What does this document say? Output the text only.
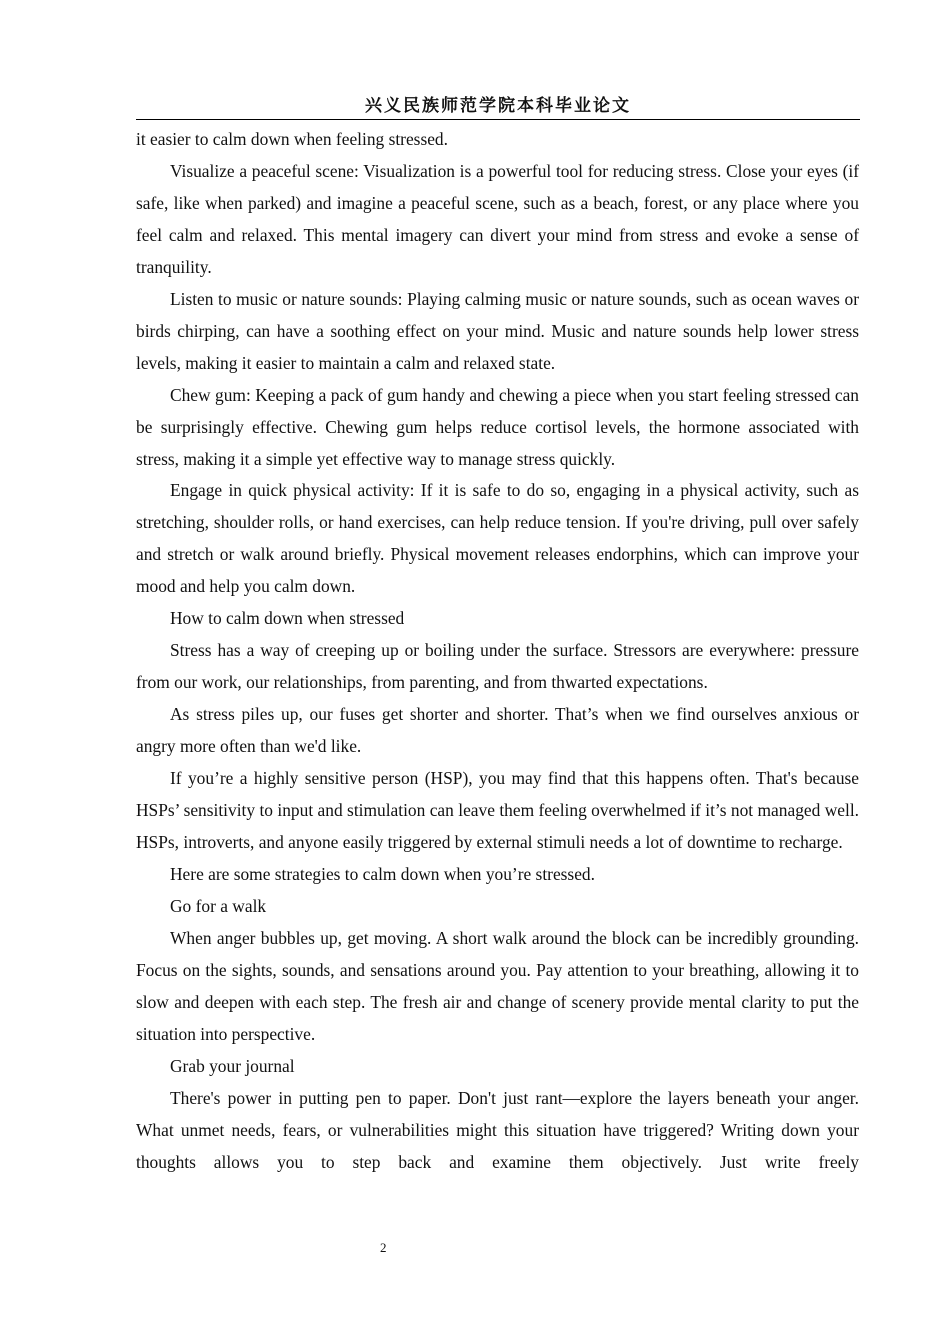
兴义民族师范学院本科毕业论文

it easier to calm down when feeling stressed.

Visualize a peaceful scene: Visualization is a powerful tool for reducing stress. Close your eyes (if safe, like when parked) and imagine a peaceful scene, such as a beach, forest, or any place where you feel calm and relaxed. This mental imagery can divert your mind from stress and evoke a sense of tranquility.

Listen to music or nature sounds: Playing calming music or nature sounds, such as ocean waves or birds chirping, can have a soothing effect on your mind. Music and nature sounds help lower stress levels, making it easier to maintain a calm and relaxed state.

Chew gum: Keeping a pack of gum handy and chewing a piece when you start feeling stressed can be surprisingly effective. Chewing gum helps reduce cortisol levels, the hormone associated with stress, making it a simple yet effective way to manage stress quickly.

Engage in quick physical activity: If it is safe to do so, engaging in a physical activity, such as stretching, shoulder rolls, or hand exercises, can help reduce tension. If you're driving, pull over safely and stretch or walk around briefly. Physical movement releases endorphins, which can improve your mood and help you calm down.

How to calm down when stressed

Stress has a way of creeping up or boiling under the surface. Stressors are everywhere: pressure from our work, our relationships, from parenting, and from thwarted expectations.

As stress piles up, our fuses get shorter and shorter. That’s when we find ourselves anxious or angry more often than we'd like.

If you’re a highly sensitive person (HSP), you may find that this happens often. That's because HSPs’ sensitivity to input and stimulation can leave them feeling overwhelmed if it’s not managed well. HSPs, introverts, and anyone easily triggered by external stimuli needs a lot of downtime to recharge.

Here are some strategies to calm down when you’re stressed.

Go for a walk

When anger bubbles up, get moving. A short walk around the block can be incredibly grounding. Focus on the sights, sounds, and sensations around you. Pay attention to your breathing, allowing it to slow and deepen with each step. The fresh air and change of scenery provide mental clarity to put the situation into perspective.

Grab your journal

There's power in putting pen to paper. Don't just rant—explore the layers beneath your anger. What unmet needs, fears, or vulnerabilities might this situation have triggered? Writing down your thoughts allows you to step back and examine them objectively. Just write freely

2
